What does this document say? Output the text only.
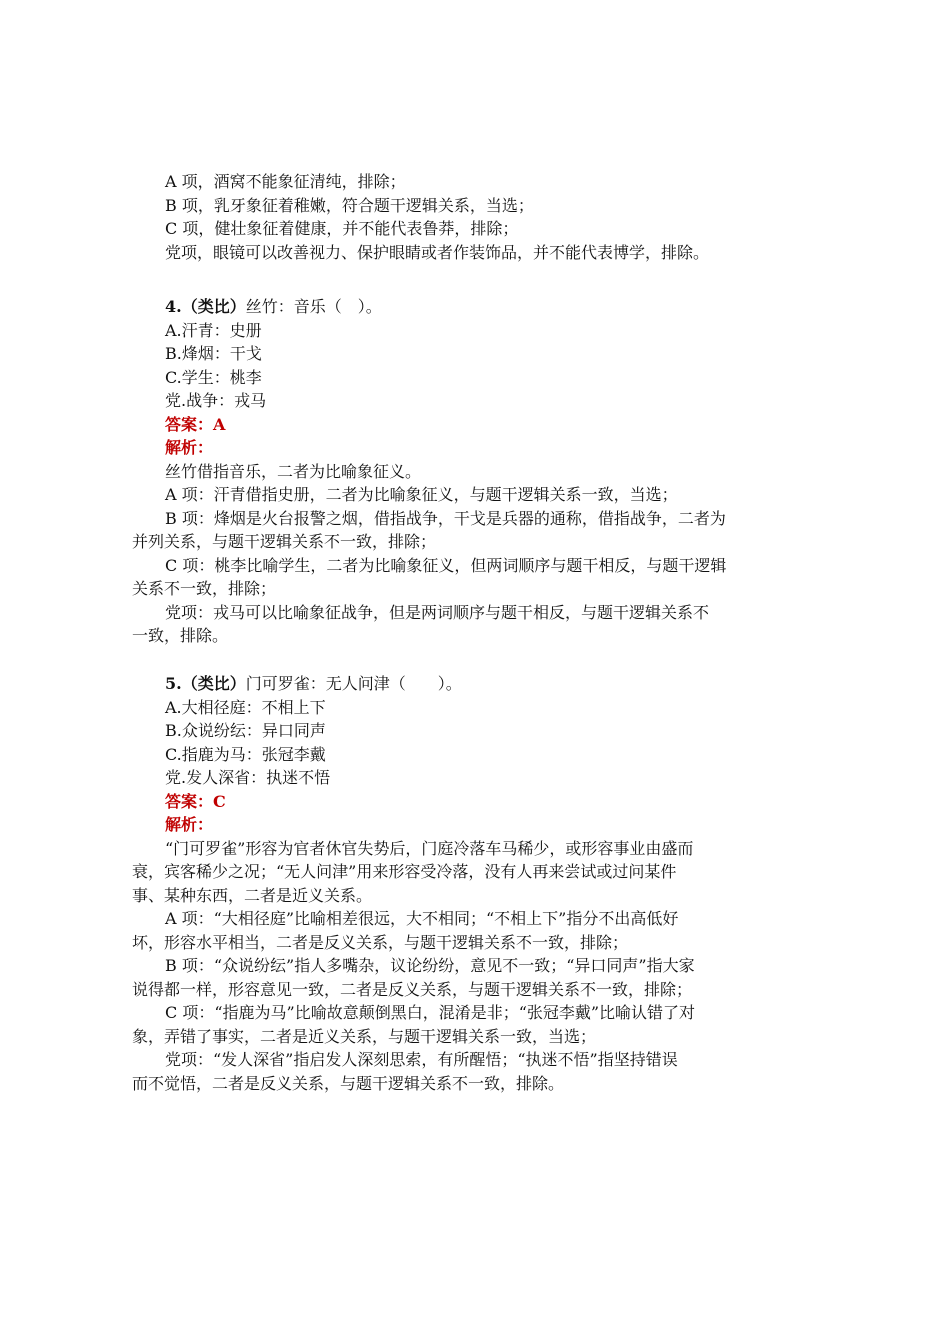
A 项，酒窝不能象征清纯，排除；

B 项，乳牙象征着稚嫩，符合题干逻辑关系，当选；

C 项，健壮象征着健康，并不能代表鲁莽，排除；

党项，眼镜可以改善视力、保护眼睛或者作装饰品，并不能代表博学，排除。

4.（类比）丝竹：音乐（　）。

A.汗青：史册

B.烽烟：干戈

C.学生：桃李

党.战争：戎马

答案：A

解析：

丝竹借指音乐，二者为比喻象征义。

A 项：汗青借指史册，二者为比喻象征义，与题干逻辑关系一致，当选；

B 项：烽烟是火台报警之烟，借指战争，干戈是兵器的通称，借指战争，二者为

并列关系，与题干逻辑关系不一致，排除；

C 项：桃李比喻学生，二者为比喻象征义，但两词顺序与题干相反，与题干逻辑

关系不一致，排除；

党项：戎马可以比喻象征战争，但是两词顺序与题干相反，与题干逻辑关系不

一致，排除。

5.（类比）门可罗雀：无人问津（　　）。

A.大相径庭：不相上下

B.众说纷纭：异口同声

C.指鹿为马：张冠李戴

党.发人深省：执迷不悟

答案：C

解析：

“门可罗雀”形容为官者休官失势后，门庭冷落车马稀少，或形容事业由盛而

衰，宾客稀少之况；“无人问津”用来形容受冷落，没有人再来尝试或过问某件

事、某种东西，二者是近义关系。

A 项：“大相径庭”比喻相差很远，大不相同；“不相上下”指分不出高低好

坏，形容水平相当，二者是反义关系，与题干逻辑关系不一致，排除；

B 项：“众说纷纭”指人多嘴杂，议论纷纷，意见不一致；“异口同声”指大家

说得都一样，形容意见一致，二者是反义关系，与题干逻辑关系不一致，排除；

C 项：“指鹿为马”比喻故意颠倒黑白，混淆是非；“张冠李戴”比喻认错了对

象，弄错了事实，二者是近义关系，与题干逻辑关系一致，当选；

党项：“发人深省”指启发人深刻思索，有所醒悟；“执迷不悟”指坚持错误

而不觉悟，二者是反义关系，与题干逻辑关系不一致，排除。
